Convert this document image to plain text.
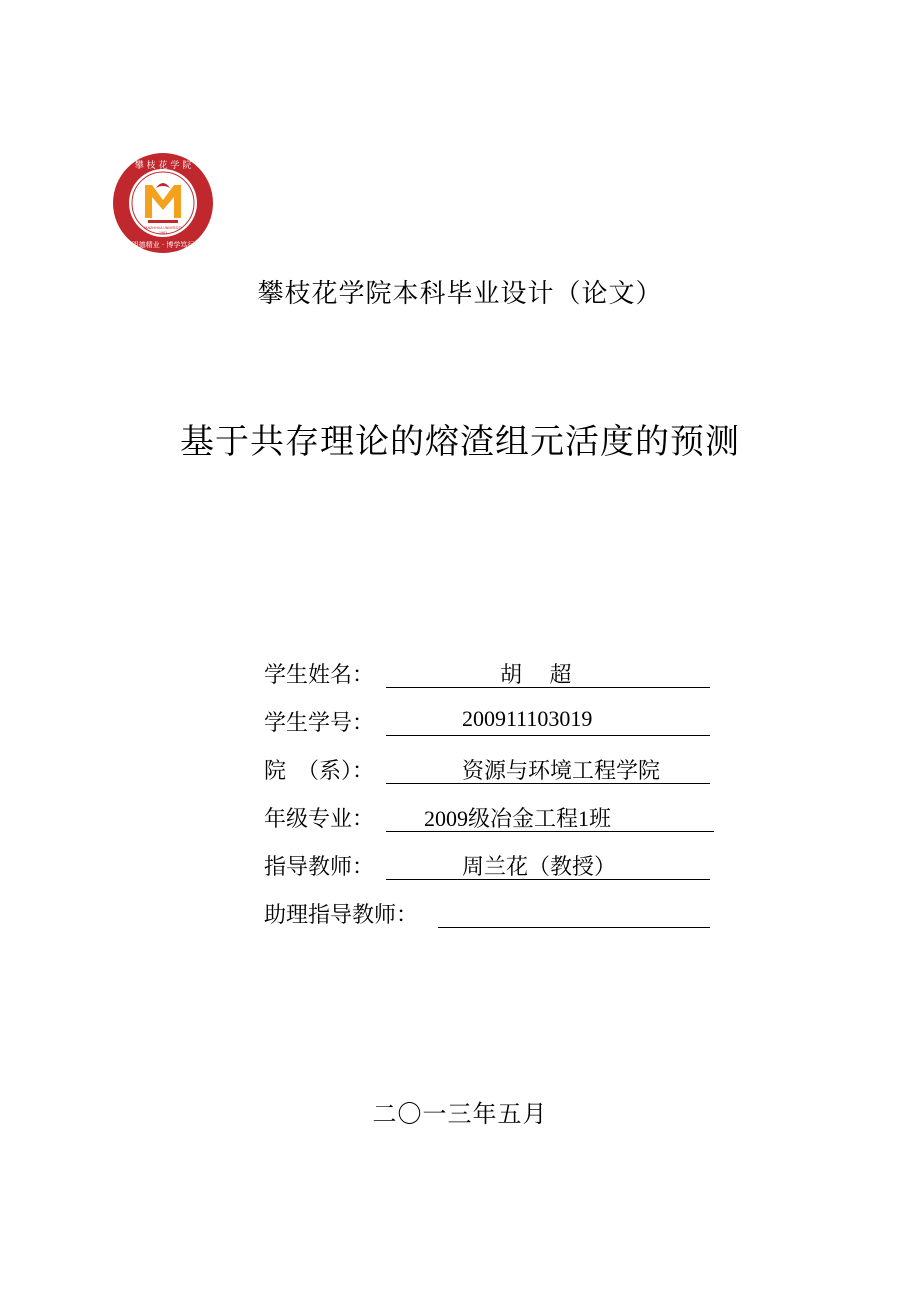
攀 枝 花 学 院
明德精业 · 博学笃行
PANZHIHUA UNIVERSITY
1983
攀枝花学院本科毕业设计（论文）
基于共存理论的熔渣组元活度的预测
学生姓名：	胡　 超
学生学号：	200911103019
院　（系）：	资源与环境工程学院
年级专业： 2009级冶金工程1班
指导教师：	周兰花（教授）
助理指导教师：
二〇一三年五月
